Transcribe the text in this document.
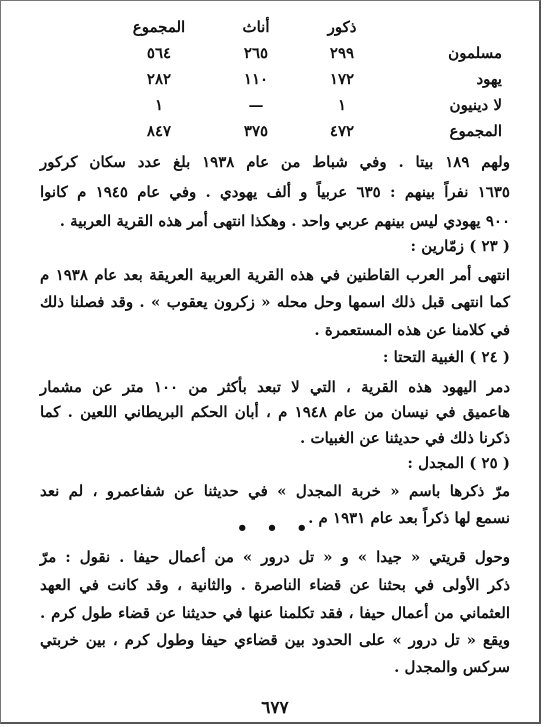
ذكور
أناث
المجموع
مسلمون
٢٩٩
٢٦٥
٥٦٤
يهود
١٧٢
١١٠
٢٨٢
لا دينيون
١
—
١
المجموع
٤٧٢
٣٧٥
٨٤٧
ولهم ١٨٩ بيتا . وفي شباط من عام ١٩٣٨ بلغ عدد سكان كركور
١٦٣٥ نفراً بينهم : ٦٣٥ عربياً و ألف يهودي . وفي عام ١٩٤٥ م كانوا
٩٠٠ يهودي ليس بينهم عربي واحد . وهكذا انتهى أمر هذه القرية العربية .
( ٢٣ ) زمّارين :
انتهى أمر العرب القاطنين في هذه القرية العربية العريقة بعد عام ١٩٣٨ م
كما انتهى قبل ذلك اسمها وحل محله « زكرون يعقوب » . وقد فصلنا ذلك
في كلامنا عن هذه المستعمرة .
( ٢٤ ) الغبية التحتا :
دمر اليهود هذه القرية ، التي لا تبعد بأكثر من ١٠٠ متر عن مشمار
هاعميق في نيسان من عام ١٩٤٨ م ، أبان الحكم البريطاني اللعين . كما
ذكرنا ذلك في حديثنا عن الغبيات .
( ٢٥ ) المجدل :
مرّ ذكرها باسم « خربة المجدل » في حديثنا عن شفاعمرو ، لم نعد
نسمع لها ذكراً بعد عام ١٩٣١ م .
• • •
وحول قريتي « جيدا » و « تل درور » من أعمال حيفا . نقول : مرّ
ذكر الأولى في بحثنا عن قضاء الناصرة . والثانية ، وقد كانت في العهد
العثماني من أعمال حيفا ، فقد تكلمنا عنها في حديثنا عن قضاء طول كرم .
ويقع « تل درور » على الحدود بين قضاءي حيفا وطول كرم ، بين خربتي
سركس والمجدل .
٦٧٧
